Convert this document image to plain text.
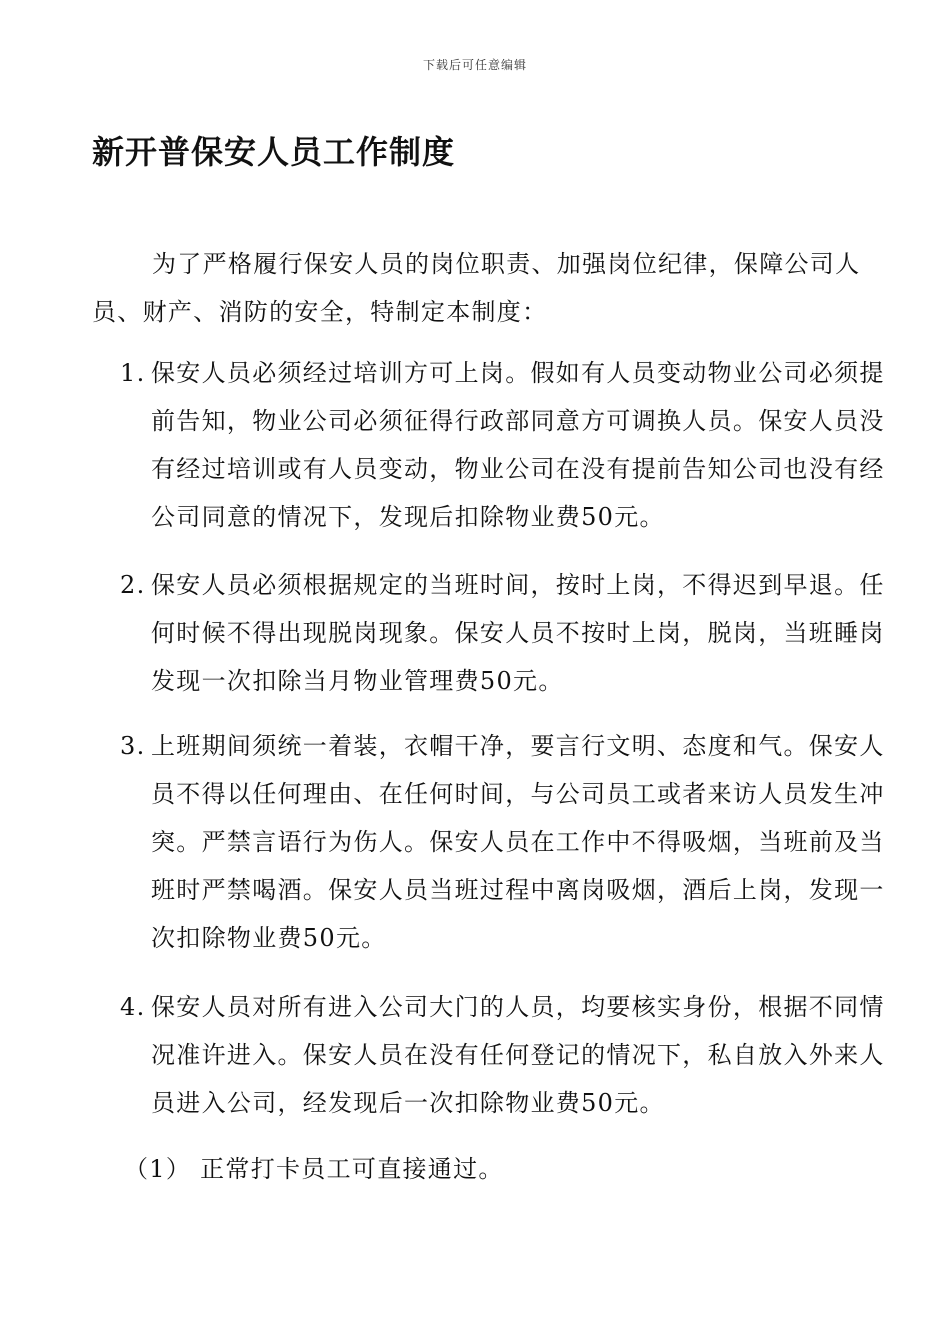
下载后可任意编辑
新开普保安人员工作制度

为了严格履行保安人员的岗位职责、加强岗位纪律，保障公司人员、财产、消防的安全，特制定本制度：

1. 保安人员必须经过培训方可上岗。假如有人员变动物业公司必须提前告知，物业公司必须征得行政部同意方可调换人员。保安人员没有经过培训或有人员变动，物业公司在没有提前告知公司也没有经公司同意的情况下，发现后扣除物业费50元。
2. 保安人员必须根据规定的当班时间，按时上岗，不得迟到早退。任何时候不得出现脱岗现象。保安人员不按时上岗，脱岗，当班睡岗发现一次扣除当月物业管理费50元。
3. 上班期间须统一着装，衣帽干净，要言行文明、态度和气。保安人员不得以任何理由、在任何时间，与公司员工或者来访人员发生冲突。严禁言语行为伤人。保安人员在工作中不得吸烟，当班前及当班时严禁喝酒。保安人员当班过程中离岗吸烟，酒后上岗，发现一次扣除物业费50元。
4. 保安人员对所有进入公司大门的人员，均要核实身份，根据不同情况准许进入。保安人员在没有任何登记的情况下，私自放入外来人员进入公司，经发现后一次扣除物业费50元。
（1） 正常打卡员工可直接通过。
